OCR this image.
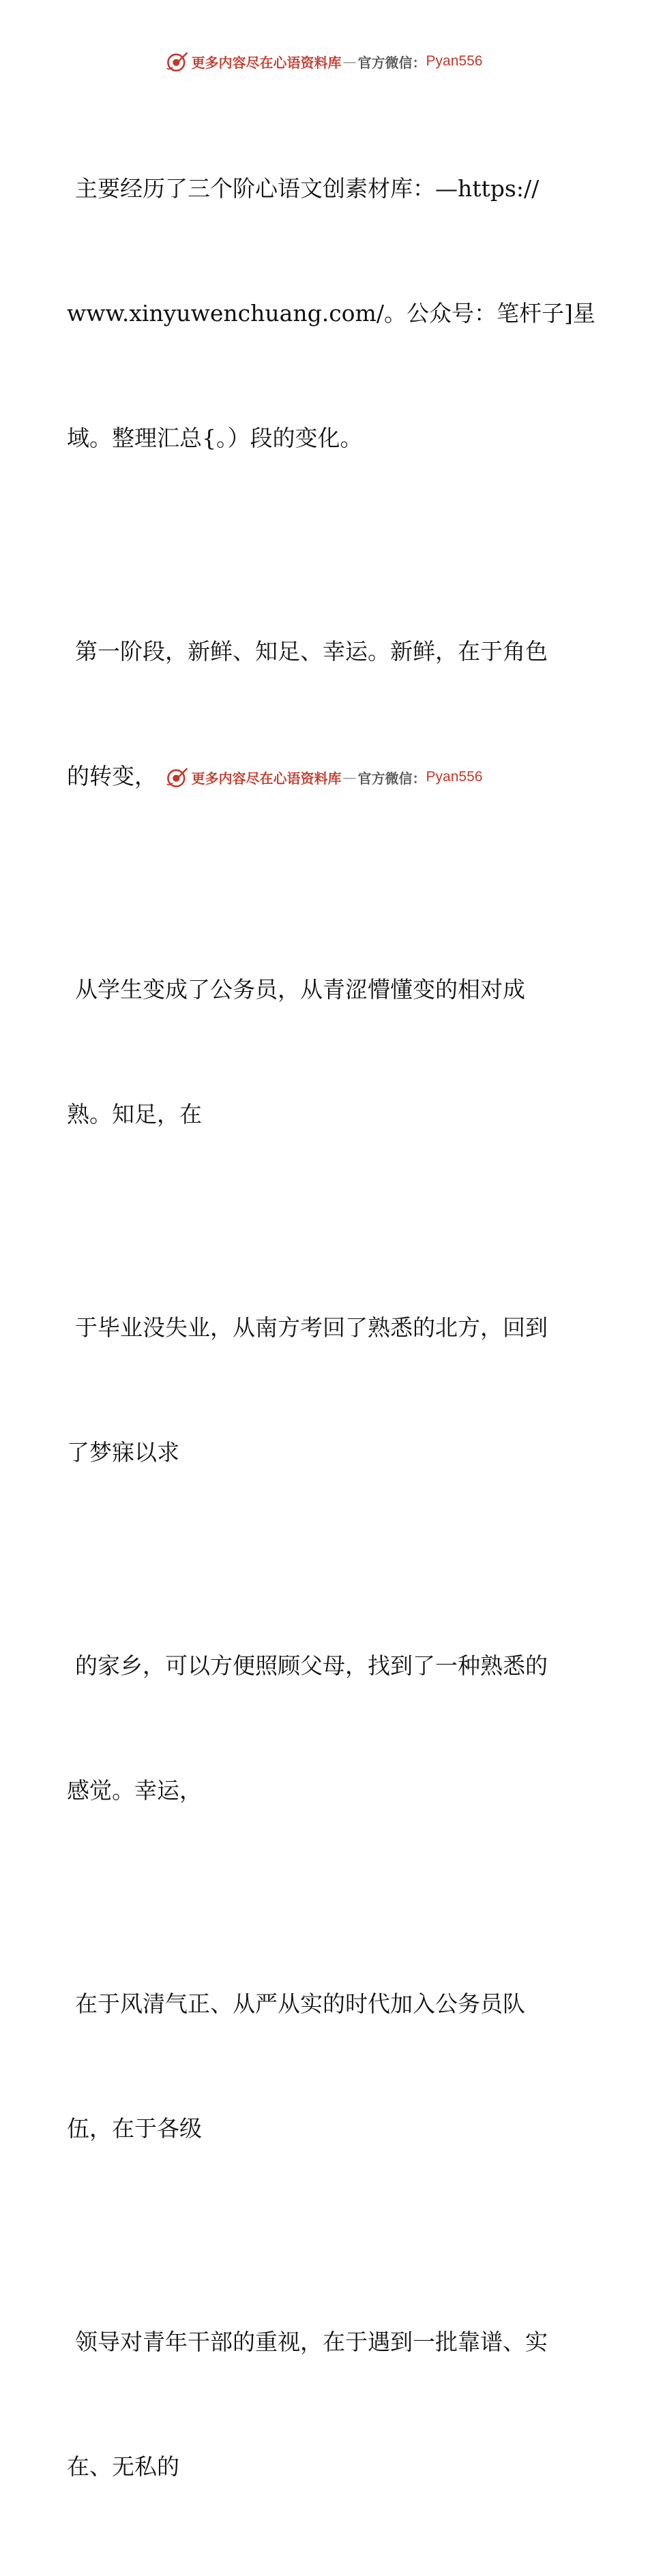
更多内容尽在心语资料库 — 官方微信： Pyan556

主要经历了三个阶心语文创素材库：—https://

www.xinyuwenchuang.com/。公众号：笔杆子]星

域。整理汇总{。）段的变化。

第一阶段，新鲜、知足、幸运。新鲜，在于角色

的转变，

从学生变成了公务员，从青涩懵懂变的相对成

熟。知足，在

于毕业没失业，从南方考回了熟悉的北方，回到

了梦寐以求

的家乡，可以方便照顾父母，找到了一种熟悉的

感觉。幸运，

在于风清气正、从严从实的时代加入公务员队

伍，在于各级

领导对青年干部的重视，在于遇到一批靠谱、实

在、无私的

更多内容尽在心语资料库 — 官方微信： Pyan556
